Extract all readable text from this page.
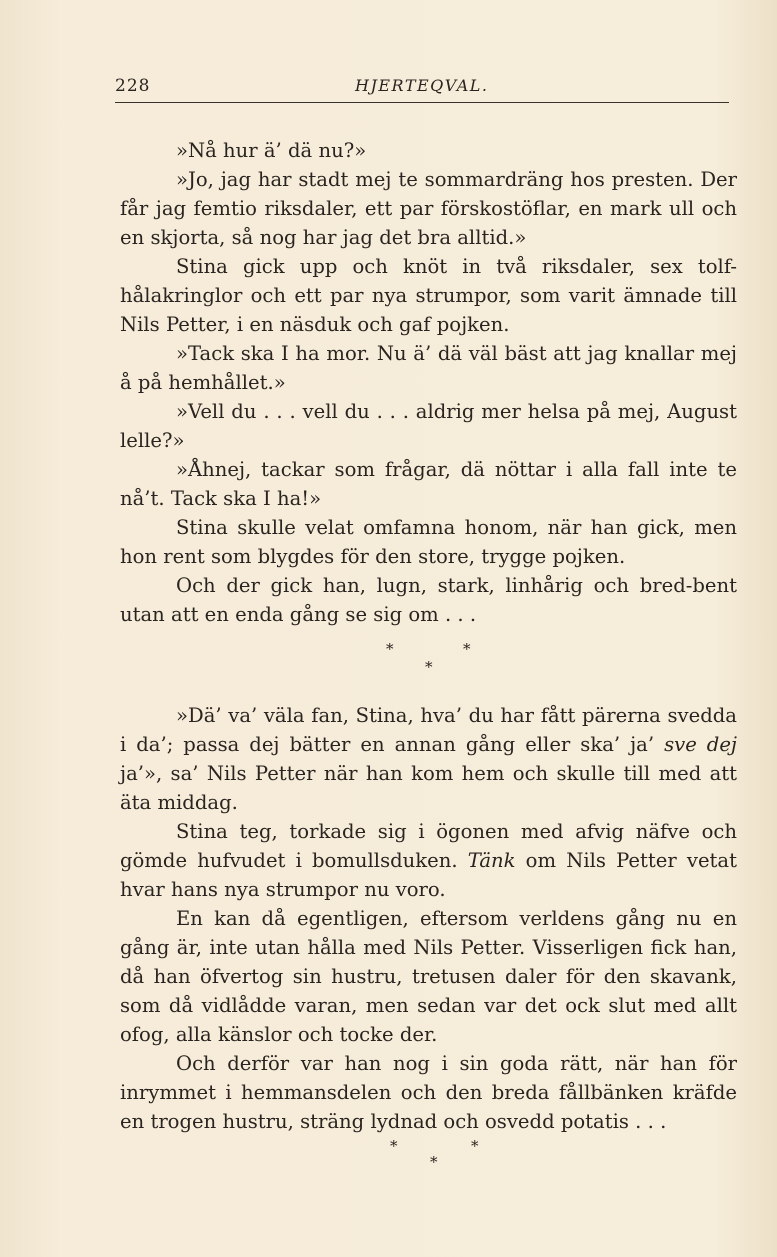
228	HJERTEQVAL.

»Nå hur ä’ dä nu?»

»Jo, jag har stadt mej te sommardräng hos presten. Der får jag femtio riksdaler, ett par förskostöflar, en mark ull och en skjorta, så nog har jag det bra alltid.»

Stina gick upp och knöt in två riksdaler, sex tolf-hålakringlor och ett par nya strumpor, som varit ämnade till Nils Petter, i en näsduk och gaf pojken.

»Tack ska I ha mor. Nu ä’ dä väl bäst att jag knallar mej å på hemhållet.»

»Vell du . . . vell du . . . aldrig mer helsa på mej, August lelle?»

»Åhnej, tackar som frågar, dä nöttar i alla fall inte te nå’t. Tack ska I ha!»

Stina skulle velat omfamna honom, när han gick, men hon rent som blygdes för den store, trygge pojken.

Och der gick han, lugn, stark, linhårig och bred-bent utan att en enda gång se sig om . . .

*	*
*

»Dä’ va’ väla fan, Stina, hva’ du har fått pärerna svedda i da’; passa dej bätter en annan gång eller ska’ ja’ sve dej ja’», sa’ Nils Petter när han kom hem och skulle till med att äta middag.

Stina teg, torkade sig i ögonen med afvig näfve och gömde hufvudet i bomullsduken. Tänk om Nils Petter vetat hvar hans nya strumpor nu voro.

En kan då egentligen, eftersom verldens gång nu en gång är, inte utan hålla med Nils Petter. Visserligen fick han, då han öfvertog sin hustru, tretusen daler för den skavank, som då vidlådde varan, men sedan var det ock slut med allt ofog, alla känslor och tocke der.

Och derför var han nog i sin goda rätt, när han för inrymmet i hemmansdelen och den breda fållbänken kräfde en trogen hustru, sträng lydnad och osvedd potatis . . .

*	*
*
